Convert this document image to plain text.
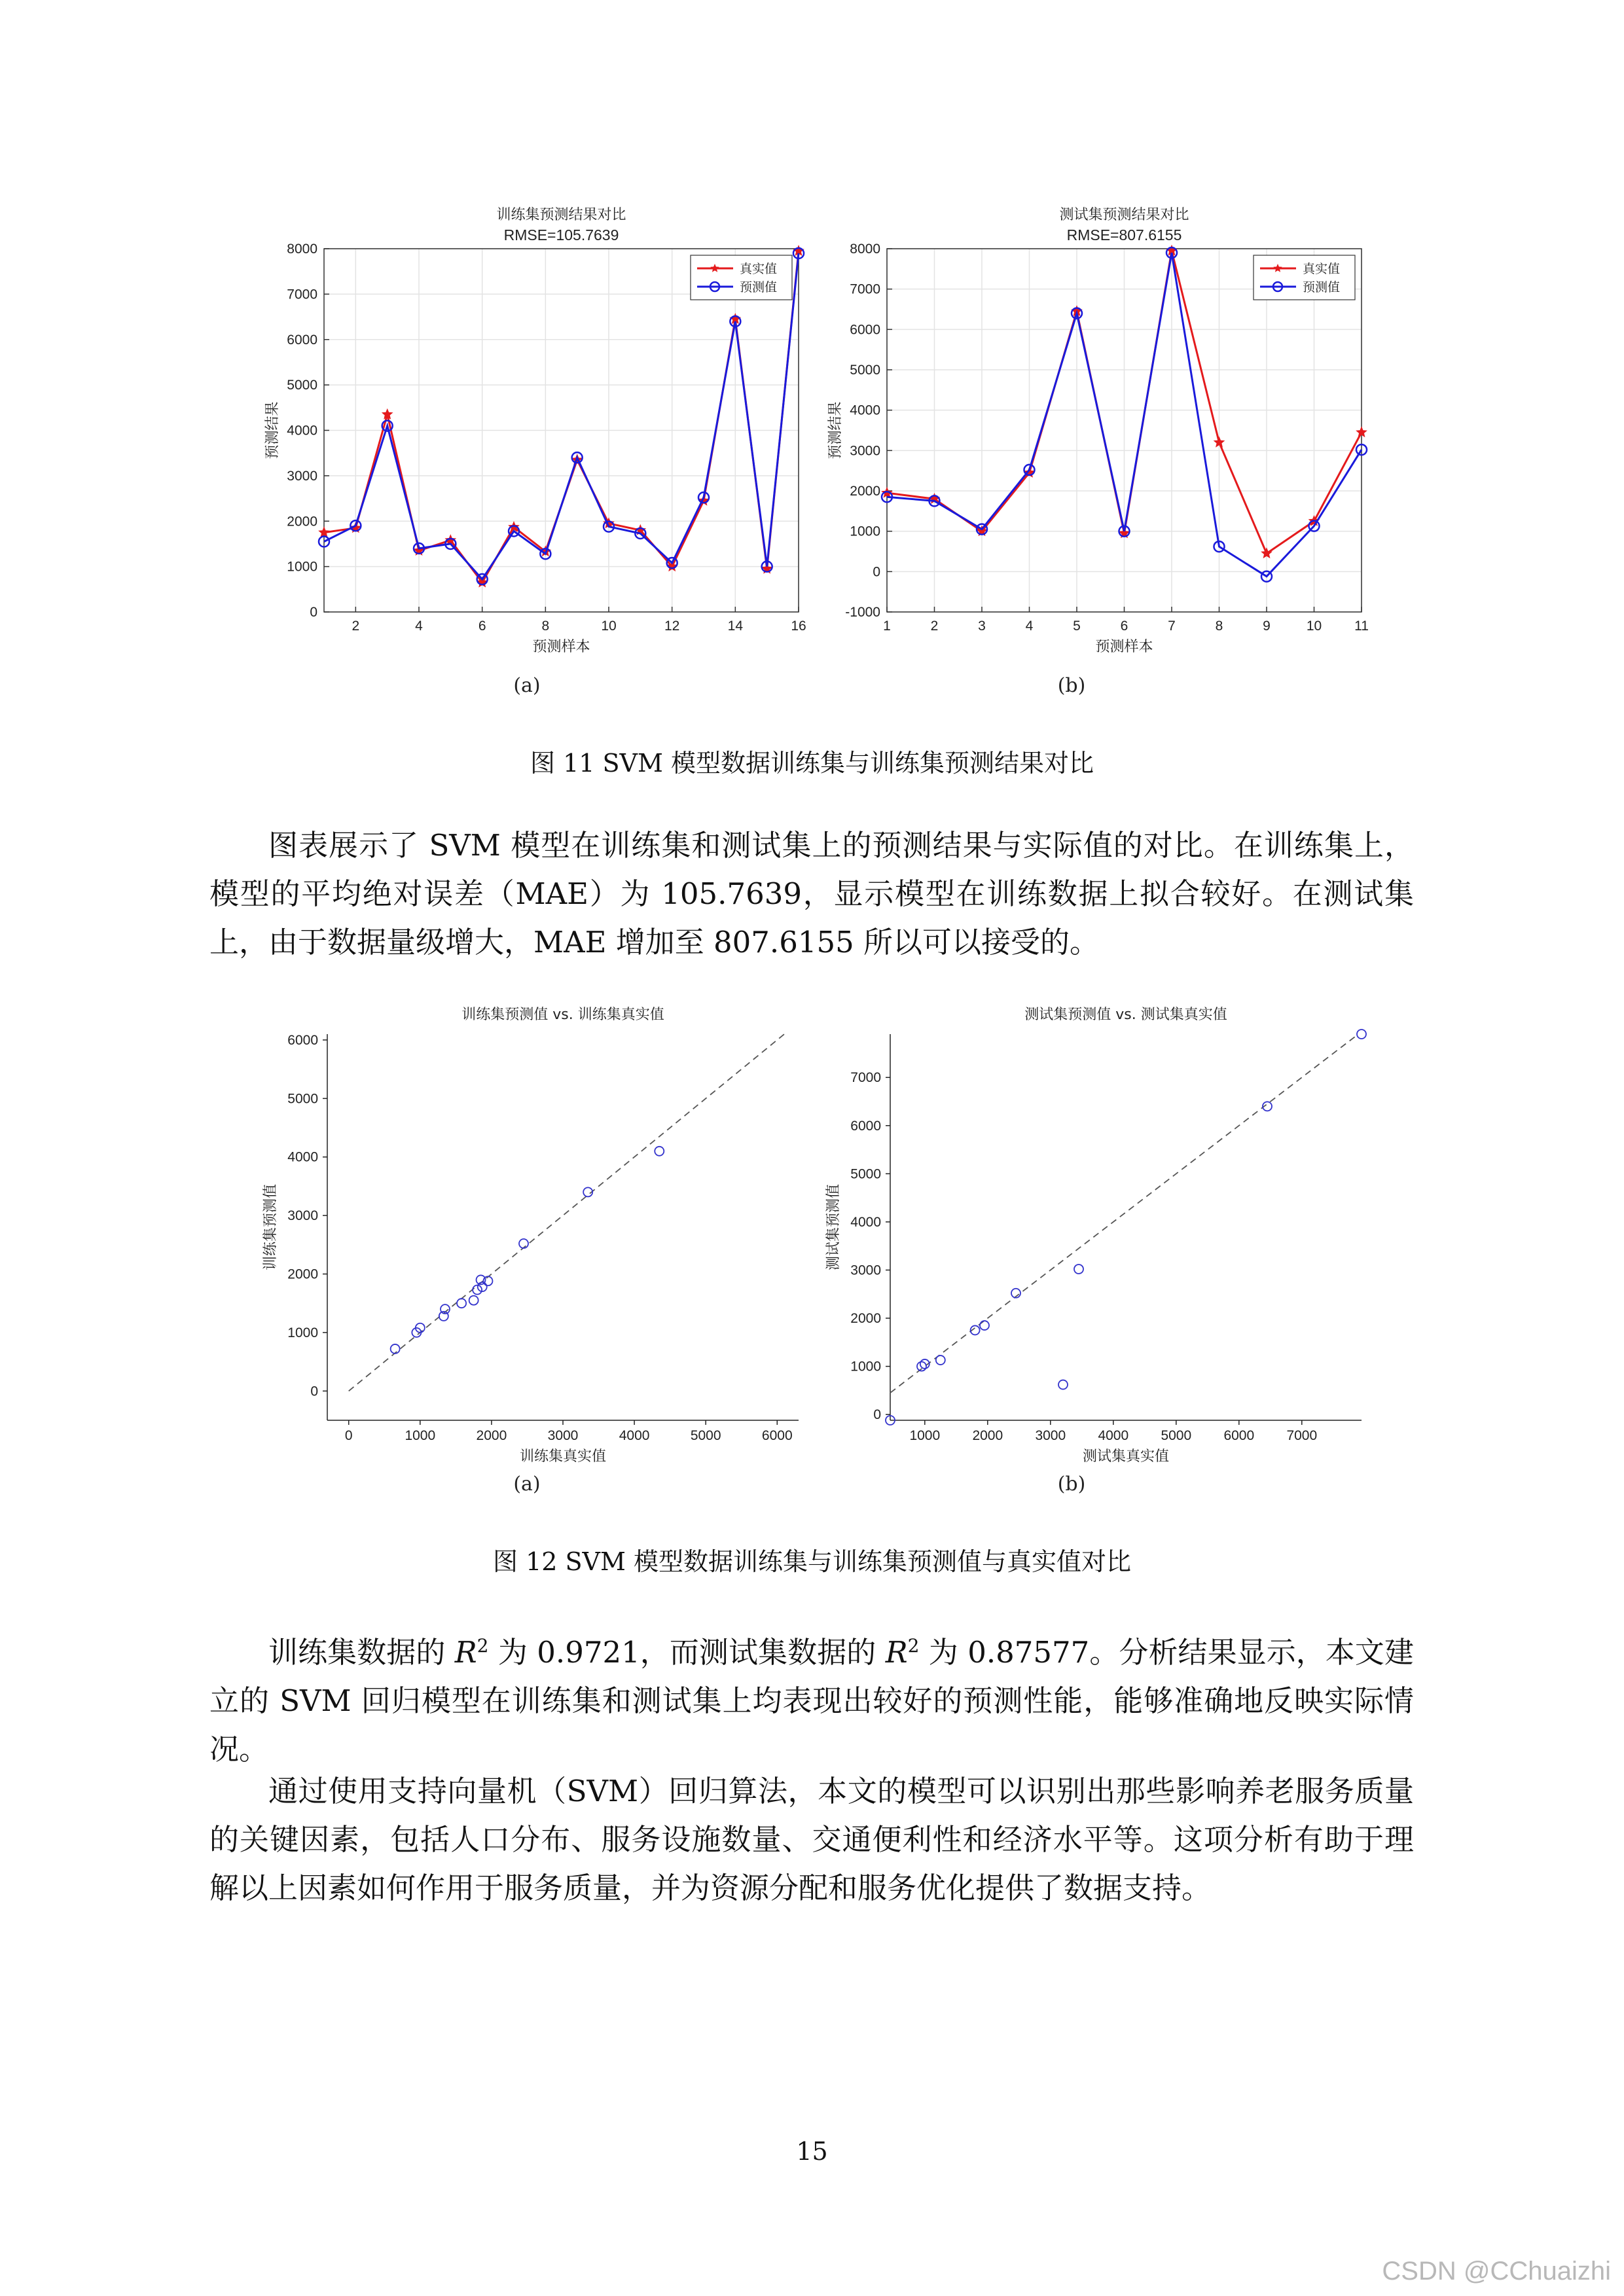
0
1000
2000
3000
4000
5000
6000
7000
8000
2	4	6	8	10	12	14	16
训练集预测结果对比
RMSE=105.7639
预测样本
预测结果
真实值
预测值
-1000
0
1000
2000
3000
4000
5000
6000
7000
8000
1	2	3	4	5	6	7	8	9	10 11
测试集预测结果对比
RMSE=807.6155
预测样本
预测结果
真实值
预测值
(a)	(b)
图 11 SVM 模型数据训练集与训练集预测结果对比

图表展示了 SVM 模型在训练集和测试集上的预测结果与实际值的对比。在训练集上，模型的平均绝对误差（MAE）为 105.7639，显示模型在训练数据上拟合较好。在测试集上，由于数据量级增大，MAE 增加至 807.6155 所以可以接受的。

0
1000
2000
3000
4000
5000
6000
0	1000	2000	3000	4000	5000	6000
训练集预测值 vs. 训练集真实值
训练集真实值
训练集预测值
0
1000
2000
3000
4000
5000
6000
7000
1000 2000 3000 4000 5000 6000 7000
测试集预测值 vs. 测试集真实值
测试集真实值
测试集预测值
(a)	(b)
图 12 SVM 模型数据训练集与训练集预测值与真实值对比

训练集数据的 $R^2$ 为 0.9721，而测试集数据的 $R^2$ 为 0.87577。分析结果显示，本文建立的 SVM 回归模型在训练集和测试集上均表现出较好的预测性能，能够准确地反映实际情况。

通过使用支持向量机（SVM）回归算法，本文的模型可以识别出那些影响养老服务质量的关键因素，包括人口分布、服务设施数量、交通便利性和经济水平等。这项分析有助于理解以上因素如何作用于服务质量，并为资源分配和服务优化提供了数据支持。

15
CSDN @CChuaizhi
